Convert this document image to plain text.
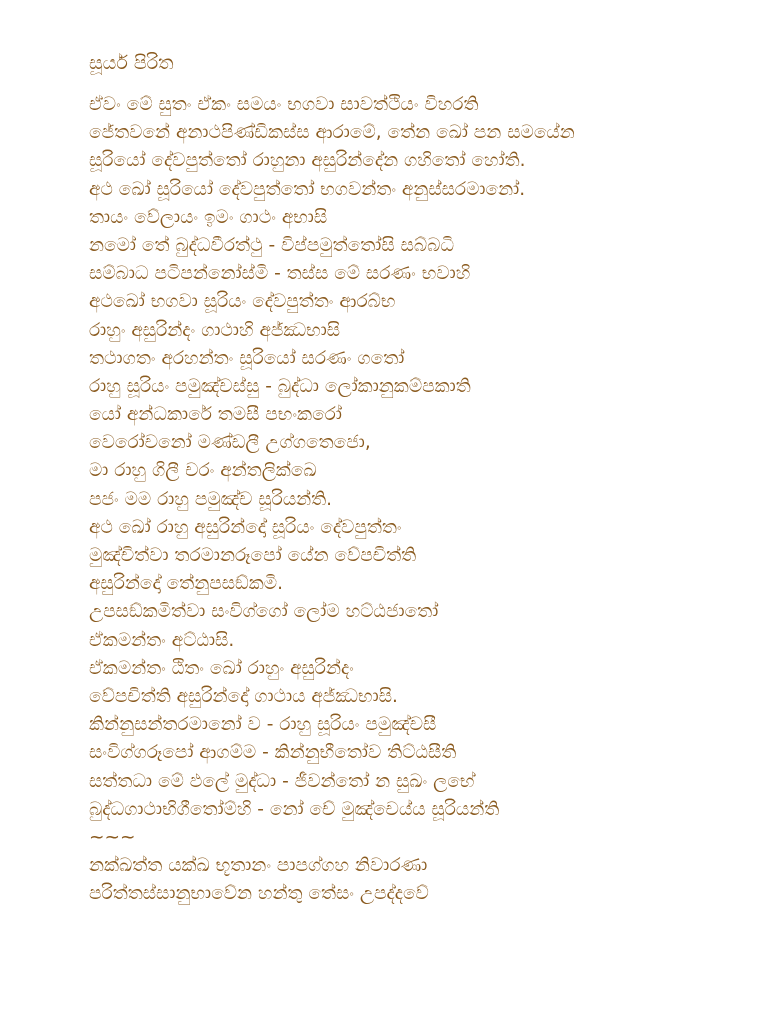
සූර්ය පිරිත
ඒවං මේ සුතං ඒකං සමයං භගවා සාවත්ථියං විහරති
ජේතවනේ අනාථපිණ්ඩිකස්ස ආරාමේ, තේන ඛෝ පන සමයේන
සූරියෝ දේවපුත්තෝ රාහුනා අසුරින්දේන ගහිතෝ හෝති.
අථ ඛෝ සූරියෝ දේවපුත්තෝ භගවන්තං අනුස්සරමානෝ.
තායං වේලායං ඉමං ගාථං අභාසි
නමෝ තේ බුද්ධවීරත්ථු - විප්පමුත්තෝසි සබ්බධි
සම්බාධ පටිපන්නෝස්මි - තස්ස මේ සරණං භවාහි
අථඛෝ භගවා සූරියං දේවපුත්තං ආරබ්භ
රාහුං අසුරින්දං ගාථාහි අජ්ඣභාසි
තථාගතං අරහන්තං සූරියෝ සරණං ගතෝ
රාහු සූරියං පමුඤ්චස්සු - බුද්ධා ලෝකානුකම්පකාති
යෝ අන්ධකාරේ තමසී පභංකරෝ
වෙරෝචනෝ මණ්ඩලී උග්ගතෙජො,
මා රාහු ගිලී චරං අන්තලික්ඛෙ
පජං මම රාහු පමුඤ්ච සූරියන්ති.
අථ ඛෝ රාහු අසුරින්දෝ සූරියං දේවපුත්තං
මුඤ්චිත්වා තරමානරූපෝ යේන වේපචිත්ති
අසුරින්දෝ තේනුපසඞ්කමි.
උපසඞ්කමිත්වා සංවිග්ගෝ ලෝම හට්ඨජාතෝ
ඒකමන්තං අට්ඨාසි.
ඒකමන්තං ඨිතං ඛෝ රාහුං අසුරින්දං
වේපචිත්ති අසුරින්දෝ ගාථාය අජ්ඣභාසි.
කින්නුසන්තරමානෝ ව - රාහු සූරියං පමුඤ්චසී
සංවිග්ගරූපෝ ආගම්ම - කින්නුභීතෝව තිට්ඨසීති
සත්තධා මේ ඵලේ මුද්ධා - ජීවන්තෝ න සුඛං ලභේ
බුද්ධගාථාභිගීතෝම්හි - නෝ චේ මුඤ්චෙය්ය සූරියන්ති
~~~
නක්ඛත්ත යක්ඛ භූතානං පාපග්ගහ නිවාරණා
පරිත්තස්සානුභාවේන හන්තු තේසං උපද්දවේ
